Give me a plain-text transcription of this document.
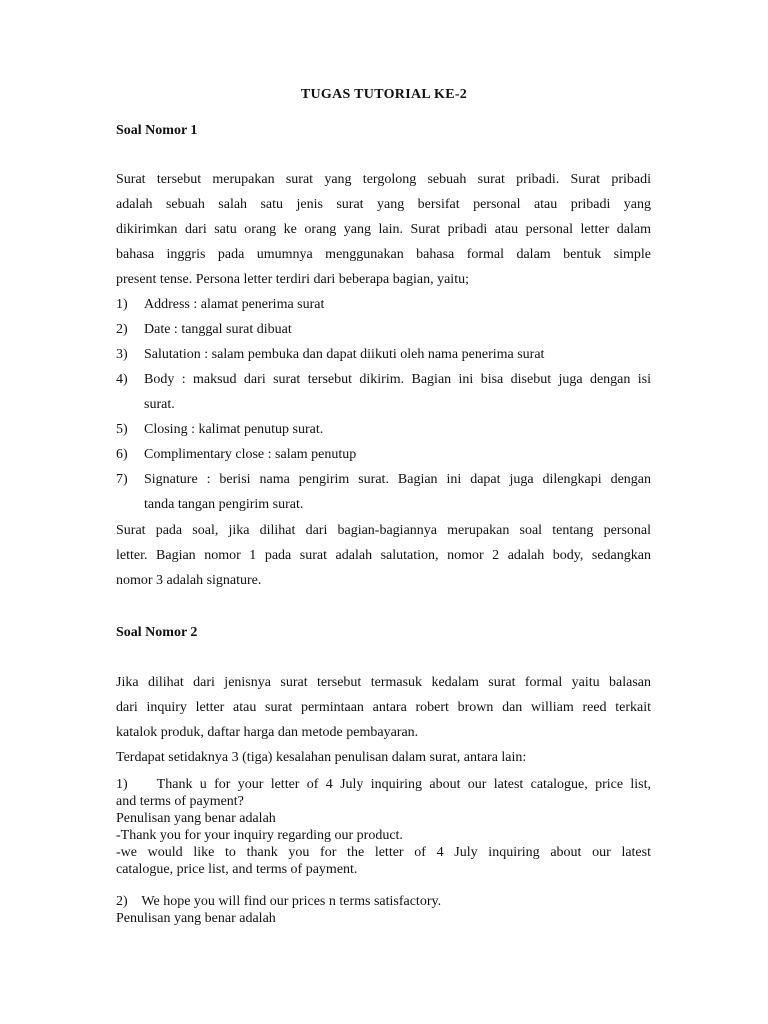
TUGAS TUTORIAL KE-2
Soal Nomor 1
Surat tersebut merupakan surat yang tergolong sebuah surat pribadi. Surat pribadi
adalah sebuah salah satu jenis surat yang bersifat personal atau pribadi yang
dikirimkan dari satu orang ke orang yang lain. Surat pribadi atau personal letter dalam
bahasa inggris pada umumnya menggunakan bahasa formal dalam bentuk simple
present tense. Persona letter terdiri dari beberapa bagian, yaitu;
1) Address : alamat penerima surat
2) Date : tanggal surat dibuat
3) Salutation : salam pembuka dan dapat diikuti oleh nama penerima surat
4) Body : maksud dari surat tersebut dikirim. Bagian ini bisa disebut juga dengan isi
surat.
5) Closing : kalimat penutup surat.
6) Complimentary close : salam penutup
7) Signature : berisi nama pengirim surat. Bagian ini dapat juga dilengkapi dengan
tanda tangan pengirim surat.
Surat pada soal, jika dilihat dari bagian-bagiannya merupakan soal tentang personal
letter. Bagian nomor 1 pada surat adalah salutation, nomor 2 adalah body, sedangkan
nomor 3 adalah signature.
Soal Nomor 2
Jika dilihat dari jenisnya surat tersebut termasuk kedalam surat formal yaitu balasan
dari inquiry letter atau surat permintaan antara robert brown dan william reed terkait
katalok produk, daftar harga dan metode pembayaran.
Terdapat setidaknya 3 (tiga) kesalahan penulisan dalam surat, antara lain:
1)    Thank u for your letter of 4 July inquiring about our latest catalogue, price list,
and terms of payment?
Penulisan yang benar adalah
-Thank you for your inquiry regarding our product.
-we would like to thank you for the letter of 4 July inquiring about our latest
catalogue, price list, and terms of payment.
2)    We hope you will find our prices n terms satisfactory.
Penulisan yang benar adalah
